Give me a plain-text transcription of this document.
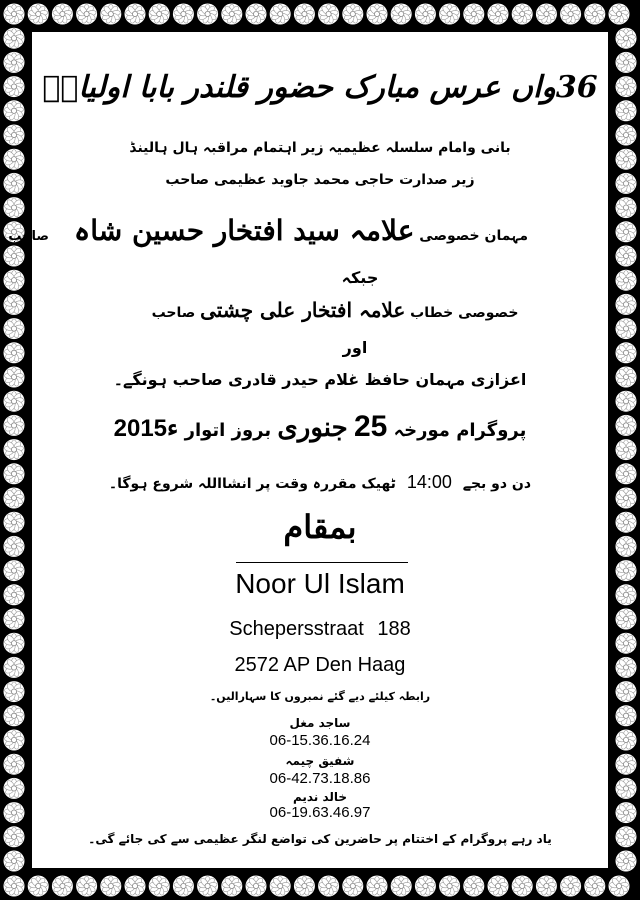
36واں عرس مبارک حضور قلندر بابا اولیاءؒ
بانی وامام سلسلہ عظیمیہ زیر اہتمام مراقبہ ہال ہالینڈ
زیر صدارت حاجی محمد جاوید عظیمی صاحب
مہمان خصوصی علامہ سید افتخار حسین شاہ صاحب
جبکہ
خصوصی خطاب علامہ افتخار علی چشتی صاحب
اور
اعزازی مہمان حافظ غلام حیدر قادری صاحب ہونگے۔
پروگرام مورخہ 25 جنوری بروز اتوار 2015ء
دن دو بجے 14:00 ٹھیک مقررہ وقت پر انشااللہ شروع ہوگا۔
بمقام
Noor Ul Islam
Schepersstraat 188
2572 AP Den Haag
رابطہ کیلئے دیے گئے نمبروں کا سہارالیں۔
ساجد مغل
06-15.36.16.24
شفیق چیمہ
06-42.73.18.86
خالد ندیم
06-19.63.46.97
یاد رہے پروگرام کے اختتام پر حاضرین کی تواضع لنگر عظیمی سے کی جائے گی۔
